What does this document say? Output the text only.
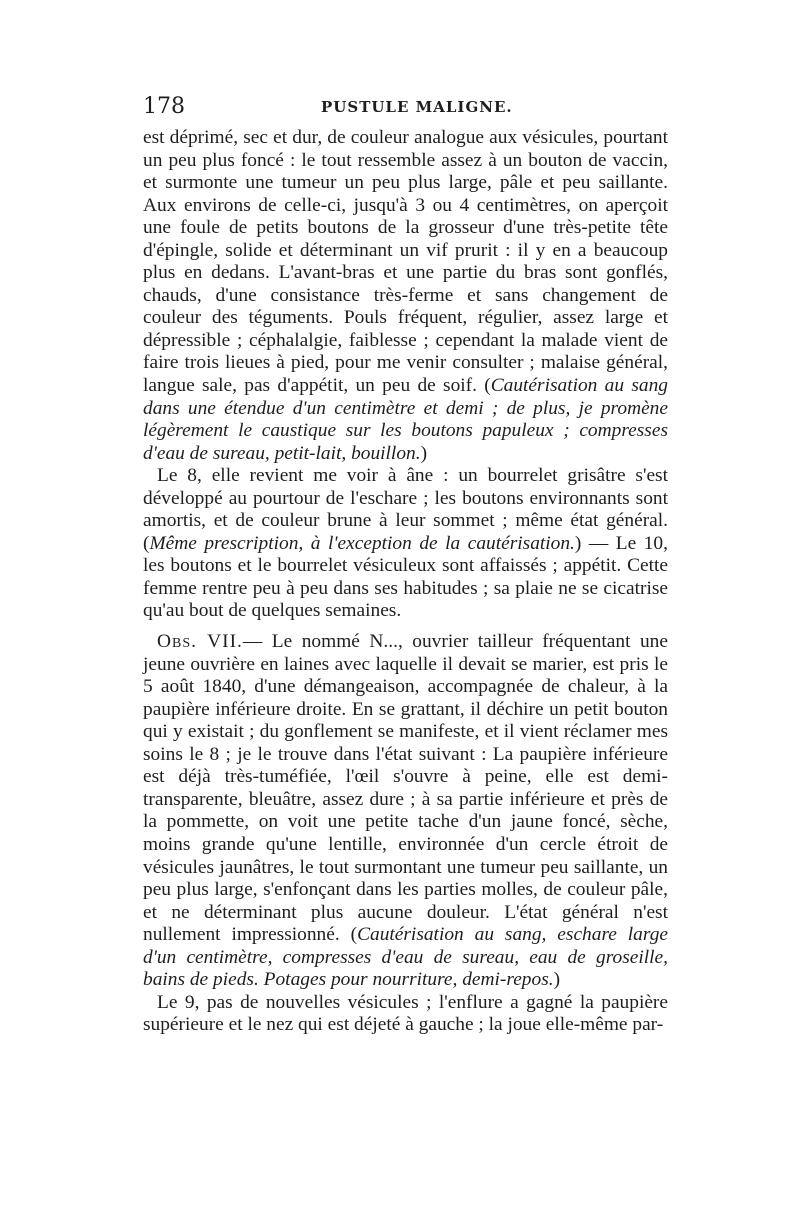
178	PUSTULE MALIGNE.

est déprimé, sec et dur, de couleur analogue aux vésicules, pourtant un peu plus foncé : le tout ressemble assez à un bouton de vaccin, et surmonte une tumeur un peu plus large, pâle et peu saillante. Aux environs de celle-ci, jusqu'à 3 ou 4 centimètres, on aperçoit une foule de petits boutons de la grosseur d'une très-petite tête d'épingle, solide et déterminant un vif prurit : il y en a beaucoup plus en dedans. L'avant-bras et une partie du bras sont gonflés, chauds, d'une consistance très-ferme et sans changement de couleur des téguments. Pouls fréquent, régulier, assez large et dépressible ; céphalalgie, faiblesse ; cependant la malade vient de faire trois lieues à pied, pour me venir consulter ; malaise général, langue sale, pas d'appétit, un peu de soif. (Cautérisation au sang dans une étendue d'un centimètre et demi ; de plus, je promène légèrement le caustique sur les boutons papuleux ; compresses d'eau de sureau, petit-lait, bouillon.)

Le 8, elle revient me voir à âne : un bourrelet grisâtre s'est développé au pourtour de l'eschare ; les boutons environnants sont amortis, et de couleur brune à leur sommet ; même état général. (Même prescription, à l'exception de la cautérisation.) — Le 10, les boutons et le bourrelet vésiculeux sont affaissés ; appétit. Cette femme rentre peu à peu dans ses habitudes ; sa plaie ne se cicatrise qu'au bout de quelques semaines.

Obs. VII.— Le nommé N..., ouvrier tailleur fréquentant une jeune ouvrière en laines avec laquelle il devait se marier, est pris le 5 août 1840, d'une démangeaison, accompagnée de chaleur, à la paupière inférieure droite. En se grattant, il déchire un petit bouton qui y existait ; du gonflement se manifeste, et il vient réclamer mes soins le 8 ; je le trouve dans l'état suivant : La paupière inférieure est déjà très-tuméfiée, l'œil s'ouvre à peine, elle est demi-transparente, bleuâtre, assez dure ; à sa partie inférieure et près de la pommette, on voit une petite tache d'un jaune foncé, sèche, moins grande qu'une lentille, environnée d'un cercle étroit de vésicules jaunâtres, le tout surmontant une tumeur peu saillante, un peu plus large, s'enfonçant dans les parties molles, de couleur pâle, et ne déterminant plus aucune douleur. L'état général n'est nullement impressionné. (Cautérisation au sang, eschare large d'un centimètre, compresses d'eau de sureau, eau de groseille, bains de pieds. Potages pour nourriture, demi-repos.)

Le 9, pas de nouvelles vésicules ; l'enflure a gagné la paupière supérieure et le nez qui est déjeté à gauche ; la joue elle-même par-
